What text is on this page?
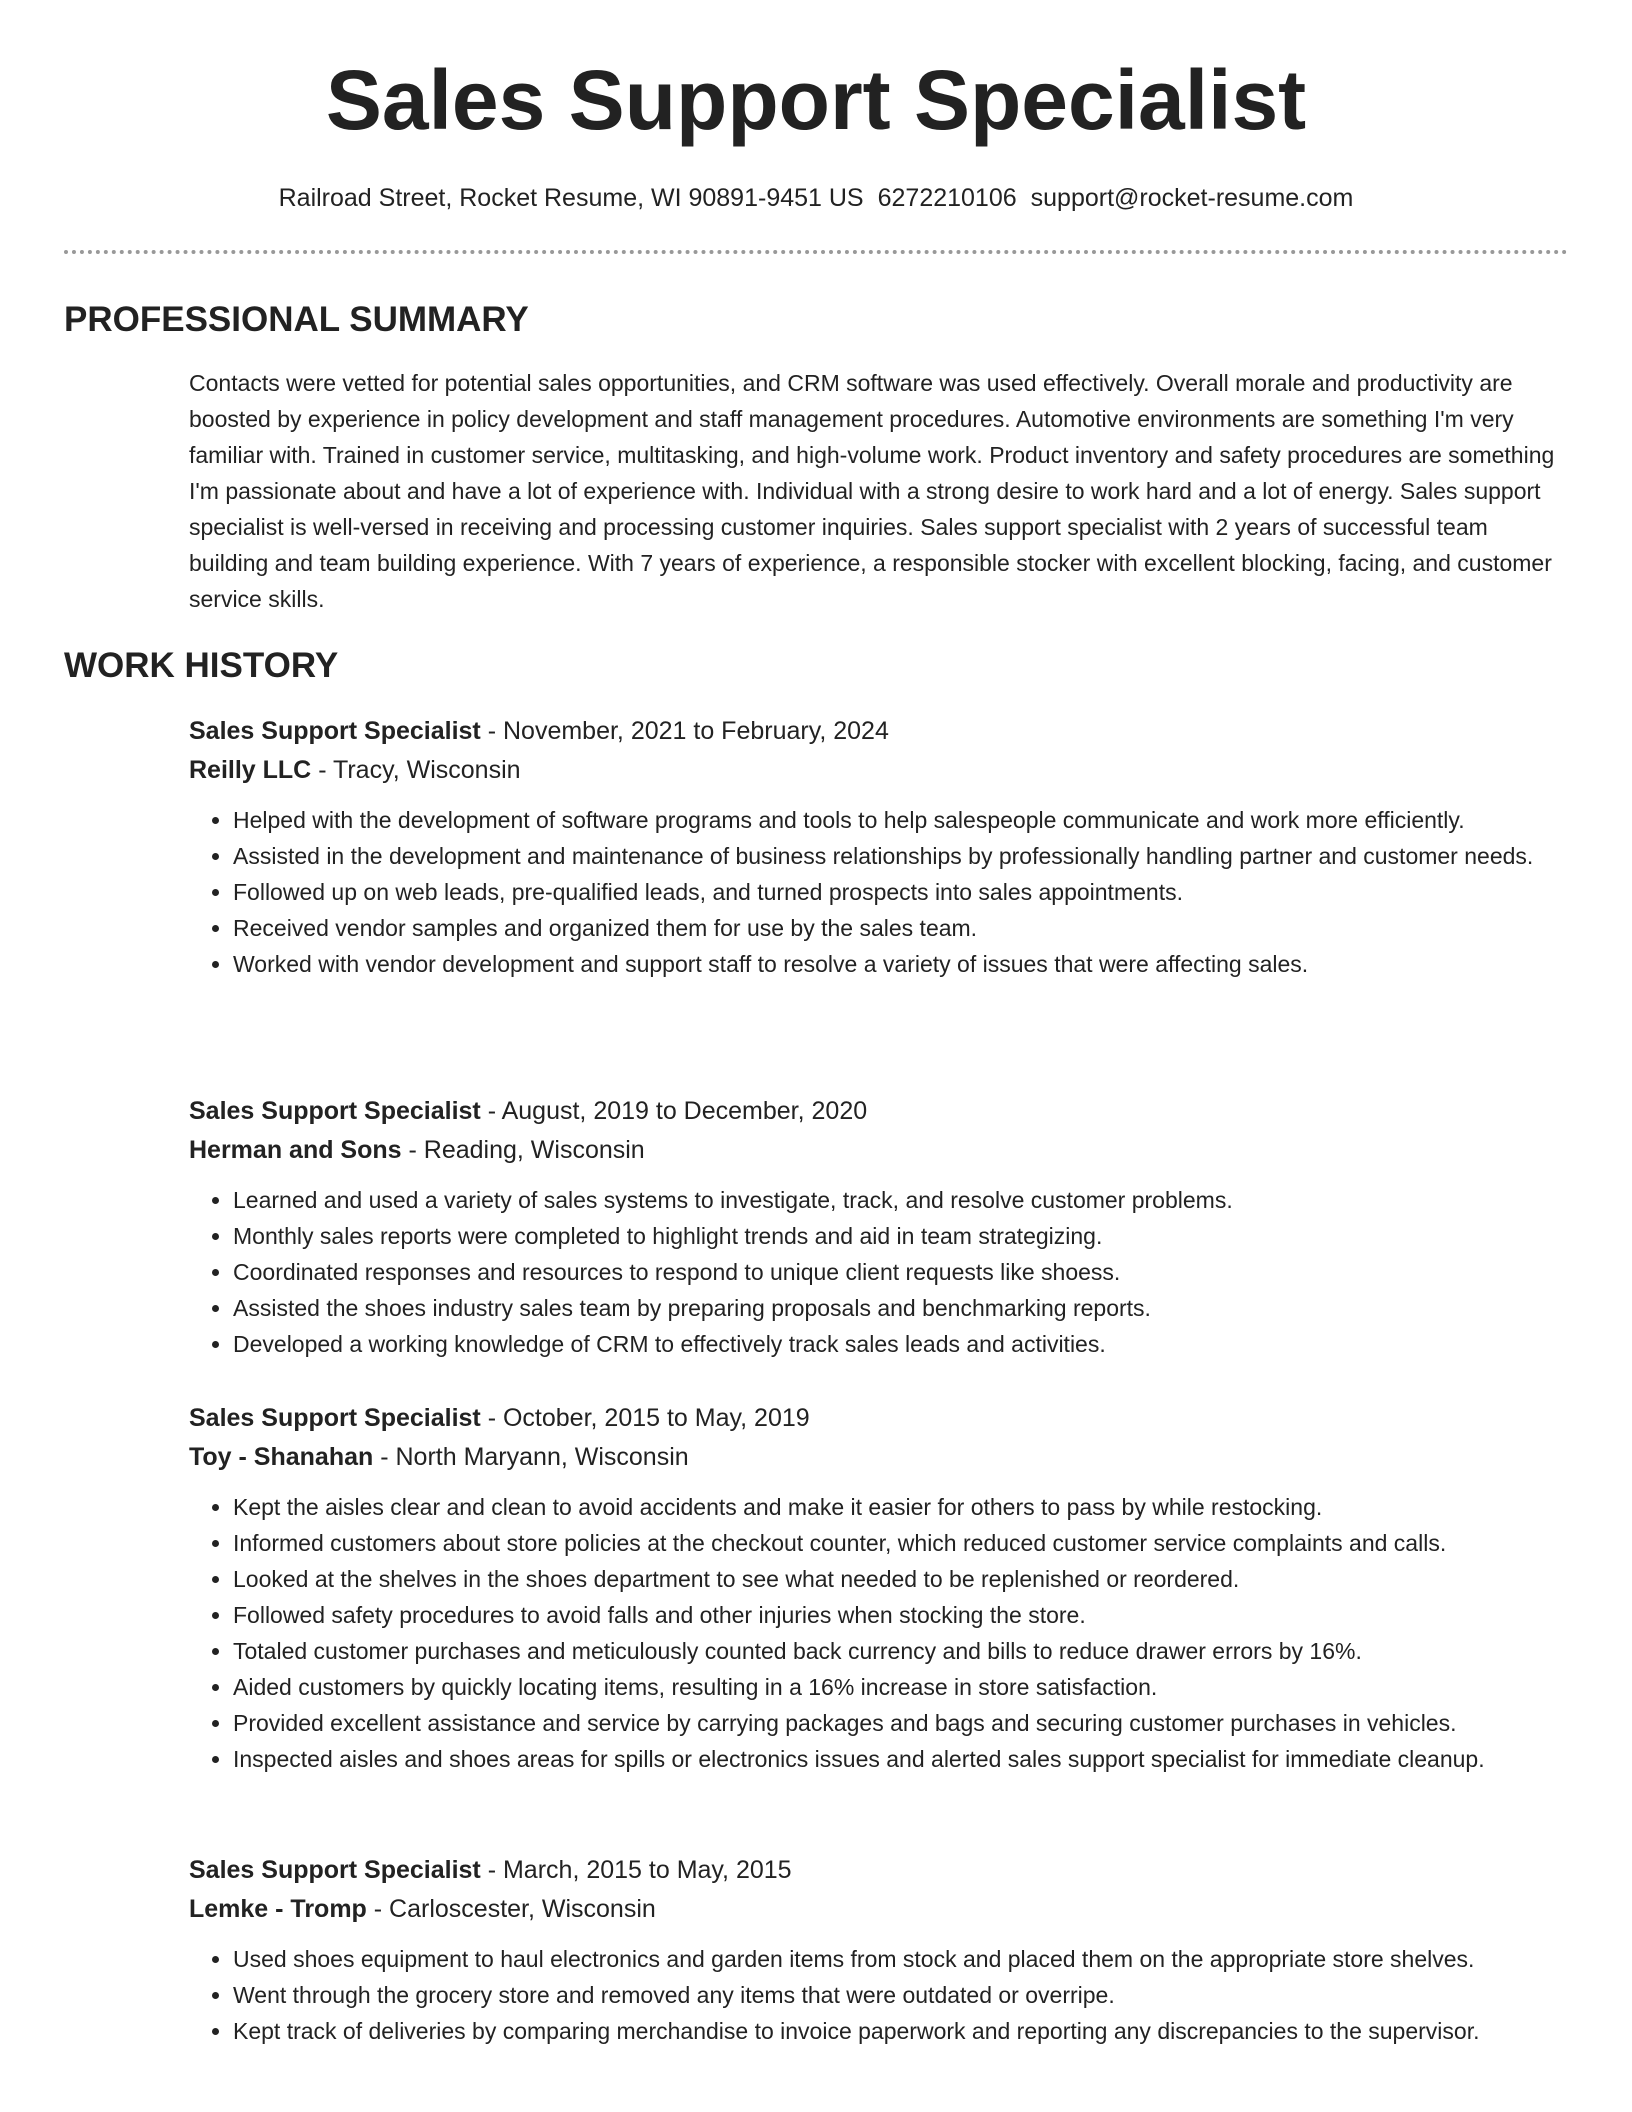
Sales Support Specialist
Railroad Street, Rocket Resume, WI 90891-9451 US 6272210106 support@rocket-resume.com
PROFESSIONAL SUMMARY

Contacts were vetted for potential sales opportunities, and CRM software was used effectively. Overall morale and productivity are boosted by experience in policy development and staff management procedures. Automotive environments are something I'm very familiar with. Trained in customer service, multitasking, and high-volume work. Product inventory and safety procedures are something I'm passionate about and have a lot of experience with. Individual with a strong desire to work hard and a lot of energy. Sales support specialist is well-versed in receiving and processing customer inquiries. Sales support specialist with 2 years of successful team building and team building experience. With 7 years of experience, a responsible stocker with excellent blocking, facing, and customer service skills.

WORK HISTORY
Sales Support Specialist - November, 2021 to February, 2024
Reilly LLC - Tracy, Wisconsin
• Helped with the development of software programs and tools to help salespeople communicate and work more efficiently.
• Assisted in the development and maintenance of business relationships by professionally handling partner and customer needs.
• Followed up on web leads, pre-qualified leads, and turned prospects into sales appointments.
• Received vendor samples and organized them for use by the sales team.
• Worked with vendor development and support staff to resolve a variety of issues that were affecting sales.
Sales Support Specialist - August, 2019 to December, 2020
Herman and Sons - Reading, Wisconsin
• Learned and used a variety of sales systems to investigate, track, and resolve customer problems.
• Monthly sales reports were completed to highlight trends and aid in team strategizing.
• Coordinated responses and resources to respond to unique client requests like shoess.
• Assisted the shoes industry sales team by preparing proposals and benchmarking reports.
• Developed a working knowledge of CRM to effectively track sales leads and activities.
Sales Support Specialist - October, 2015 to May, 2019
Toy - Shanahan - North Maryann, Wisconsin
• Kept the aisles clear and clean to avoid accidents and make it easier for others to pass by while restocking.
• Informed customers about store policies at the checkout counter, which reduced customer service complaints and calls.
• Looked at the shelves in the shoes department to see what needed to be replenished or reordered.
• Followed safety procedures to avoid falls and other injuries when stocking the store.
• Totaled customer purchases and meticulously counted back currency and bills to reduce drawer errors by 16%.
• Aided customers by quickly locating items, resulting in a 16% increase in store satisfaction.
• Provided excellent assistance and service by carrying packages and bags and securing customer purchases in vehicles.
• Inspected aisles and shoes areas for spills or electronics issues and alerted sales support specialist for immediate cleanup.
Sales Support Specialist - March, 2015 to May, 2015
Lemke - Tromp - Carloscester, Wisconsin
• Used shoes equipment to haul electronics and garden items from stock and placed them on the appropriate store shelves.
• Went through the grocery store and removed any items that were outdated or overripe.
• Kept track of deliveries by comparing merchandise to invoice paperwork and reporting any discrepancies to the supervisor.
